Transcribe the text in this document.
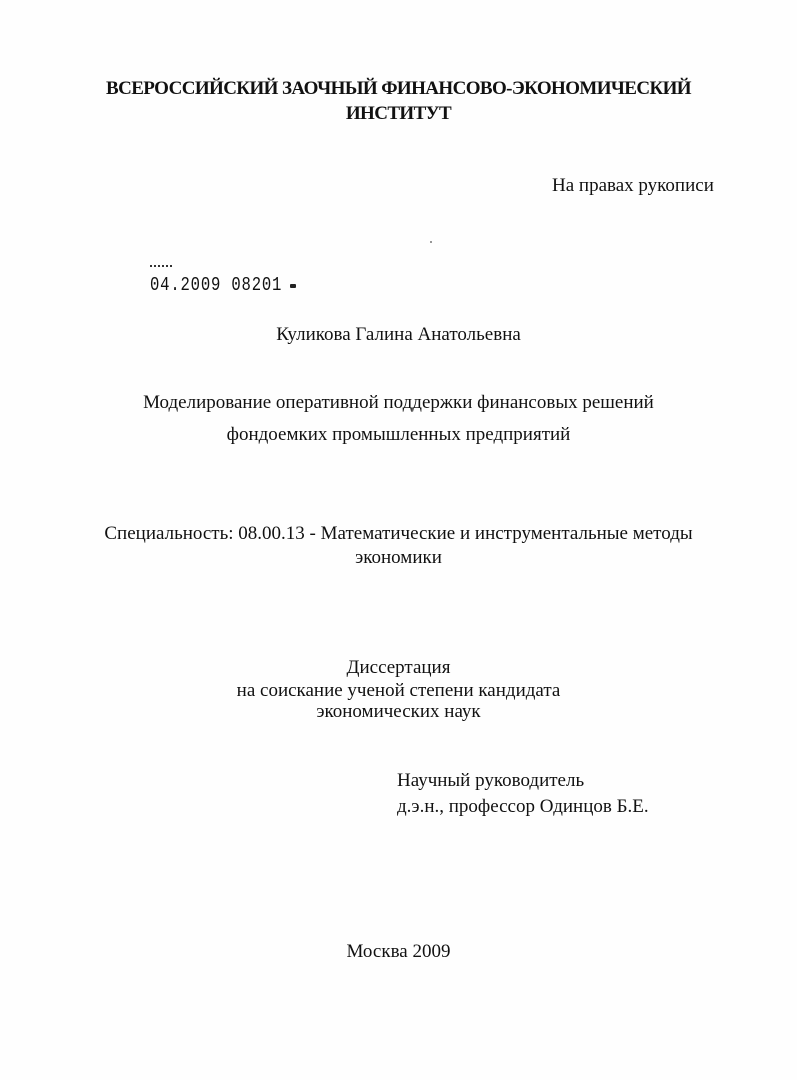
ВСЕРОССИЙСКИЙ ЗАОЧНЫЙ ФИНАНСОВО-ЭКОНОМИЧЕСКИЙ
ИНСТИТУТ
На правах рукописи
04.2009 08201
Куликова Галина Анатольевна
Моделирование оперативной поддержки финансовых решений
фондоемких промышленных предприятий
Специальность: 08.00.13 - Математические и инструментальные методы
экономики
Диссертация
на соискание ученой степени кандидата
экономических наук
Научный руководитель
д.э.н., профессор Одинцов Б.Е.
Москва 2009
